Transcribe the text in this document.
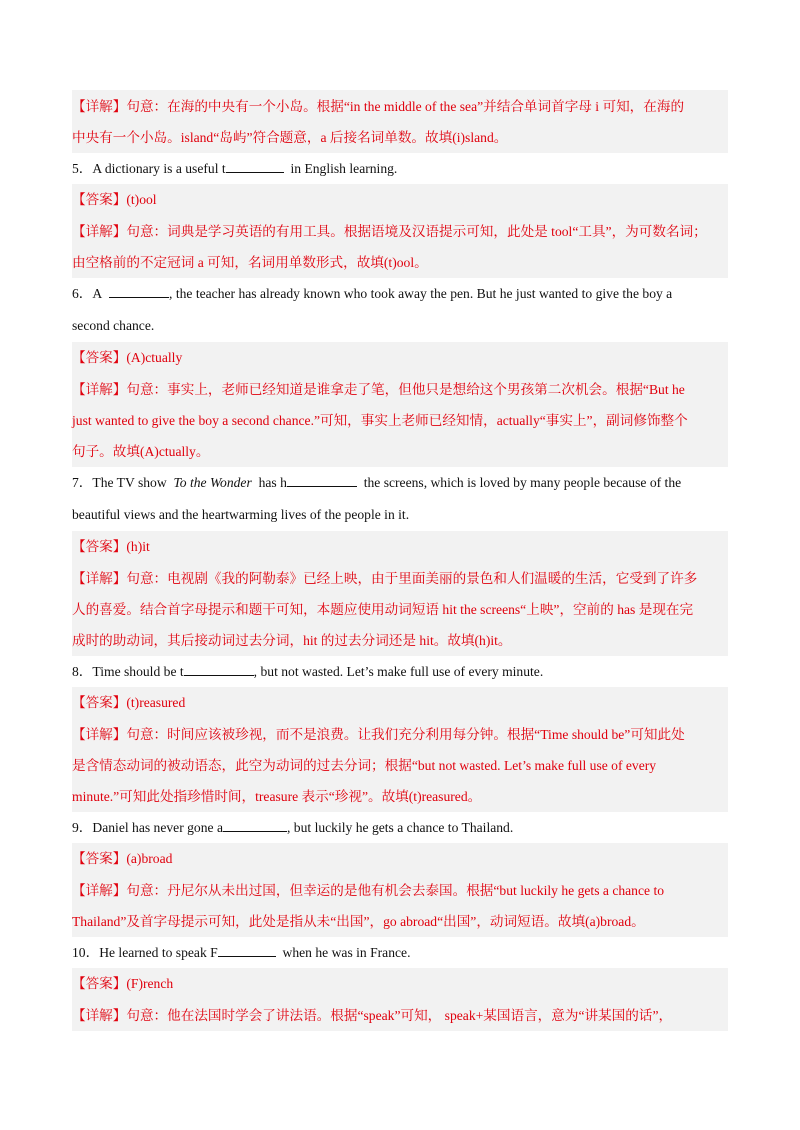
【详解】句意：在海的中央有一个小岛。根据“in the middle of the sea”并结合单词首字母 i 可知，在海的
中央有一个小岛。island“岛屿”符合题意，a 后接名词单数。故填(i)sland。
5．A dictionary is a useful t	in English learning.
【答案】(t)ool
【详解】句意：词典是学习英语的有用工具。根据语境及汉语提示可知，此处是 tool“工具”，为可数名词；
由空格前的不定冠词 a 可知，名词用单数形式，故填(t)ool。
6．A	, the teacher has already known who took away the pen. But he just wanted to give the boy a
second chance.
【答案】(A)ctually
【详解】句意：事实上，老师已经知道是谁拿走了笔，但他只是想给这个男孩第二次机会。根据“But he
just wanted to give the boy a second chance.”可知，事实上老师已经知情，actually“事实上”，副词修饰整个
句子。故填(A)ctually。
7．The TV show To the Wonder has h	the screens, which is loved by many people because of the
beautiful views and the heartwarming lives of the people in it.
【答案】(h)it
【详解】句意：电视剧《我的阿勒泰》已经上映，由于里面美丽的景色和人们温暖的生活，它受到了许多
人的喜爱。结合首字母提示和题干可知，本题应使用动词短语 hit the screens“上映”，空前的 has 是现在完
成时的助动词，其后接动词过去分词，hit 的过去分词还是 hit。故填(h)it。
8．Time should be t	, but not wasted. Let’s make full use of every minute.
【答案】(t)reasured
【详解】句意：时间应该被珍视，而不是浪费。让我们充分利用每分钟。根据“Time should be”可知此处
是含情态动词的被动语态，此空为动词的过去分词；根据“but not wasted. Let’s make full use of every
minute.”可知此处指珍惜时间，treasure 表示“珍视”。故填(t)reasured。
9．Daniel has never gone a	, but luckily he gets a chance to Thailand.
【答案】(a)broad
【详解】句意：丹尼尔从未出过国，但幸运的是他有机会去泰国。根据“but luckily he gets a chance to
Thailand”及首字母提示可知，此处是指从未“出国”，go abroad“出国”，动词短语。故填(a)broad。
10．He learned to speak F	when he was in France.
【答案】(F)rench
【详解】句意：他在法国时学会了讲法语。根据“speak”可知， speak+某国语言，意为“讲某国的话”，
